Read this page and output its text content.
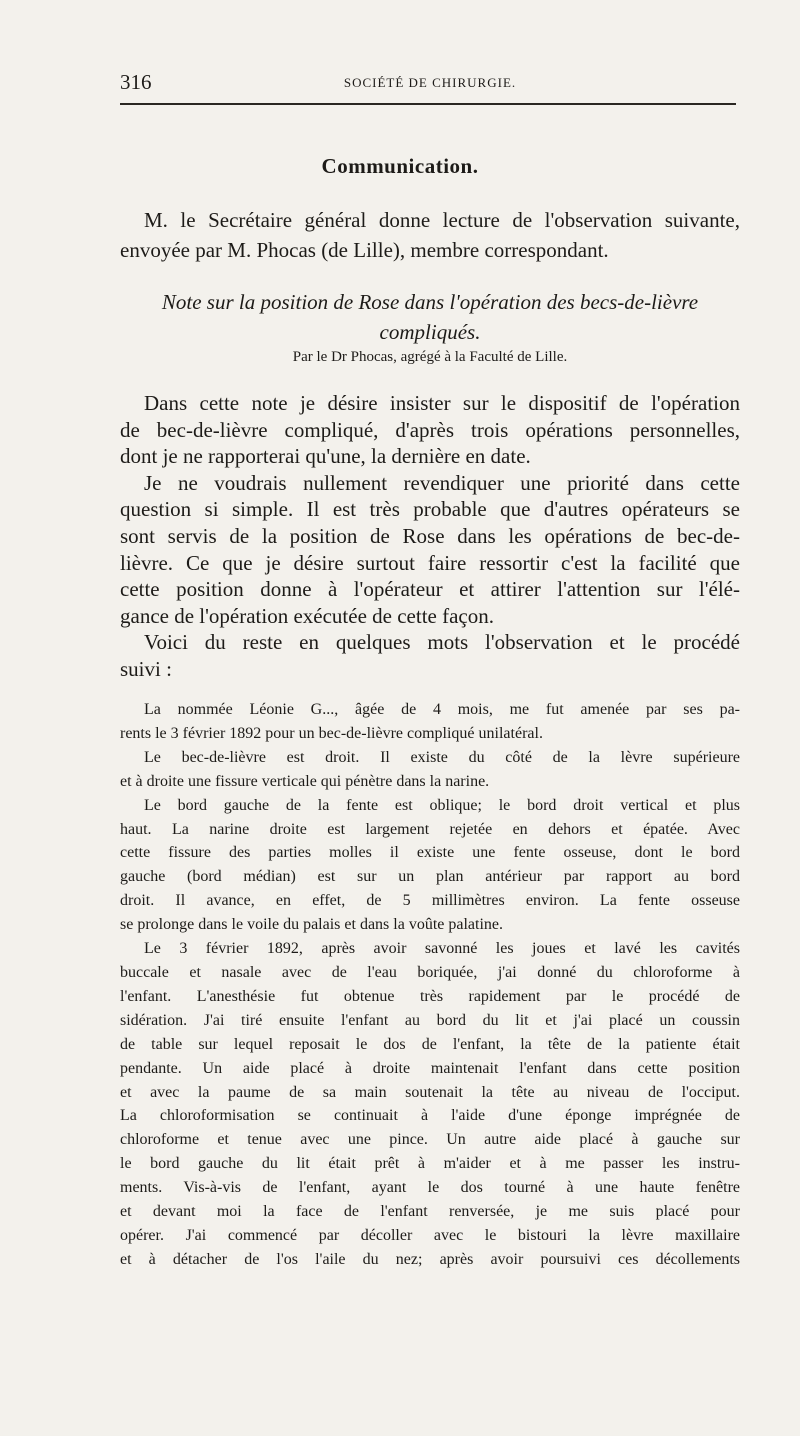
316	SOCIÉTÉ DE CHIRURGIE.
Communication.
M. le Secrétaire général donne lecture de l'observation suivante,
envoyée par M. Phocas (de Lille), membre correspondant.
Note sur la position de Rose dans l'opération des becs-de-lièvre
compliqués.
Par le Dr Phocas, agrégé à la Faculté de Lille.
Dans cette note je désire insister sur le dispositif de l'opération
de bec-de-lièvre compliqué, d'après trois opérations personnelles,
dont je ne rapporterai qu'une, la dernière en date.
Je ne voudrais nullement revendiquer une priorité dans cette
question si simple. Il est très probable que d'autres opérateurs se
sont servis de la position de Rose dans les opérations de bec-de-
lièvre. Ce que je désire surtout faire ressortir c'est la facilité que
cette position donne à l'opérateur et attirer l'attention sur l'élé-
gance de l'opération exécutée de cette façon.
Voici du reste en quelques mots l'observation et le procédé
suivi :
La nommée Léonie G..., âgée de 4 mois, me fut amenée par ses pa-
rents le 3 février 1892 pour un bec-de-lièvre compliqué unilatéral.
Le bec-de-lièvre est droit. Il existe du côté de la lèvre supérieure
et à droite une fissure verticale qui pénètre dans la narine.
Le bord gauche de la fente est oblique; le bord droit vertical et plus
haut. La narine droite est largement rejetée en dehors et épatée. Avec
cette fissure des parties molles il existe une fente osseuse, dont le bord
gauche (bord médian) est sur un plan antérieur par rapport au bord
droit. Il avance, en effet, de 5 millimètres environ. La fente osseuse
se prolonge dans le voile du palais et dans la voûte palatine.
Le 3 février 1892, après avoir savonné les joues et lavé les cavités
buccale et nasale avec de l'eau boriquée, j'ai donné du chloroforme à
l'enfant. L'anesthésie fut obtenue très rapidement par le procédé de
sidération. J'ai tiré ensuite l'enfant au bord du lit et j'ai placé un coussin
de table sur lequel reposait le dos de l'enfant, la tête de la patiente était
pendante. Un aide placé à droite maintenait l'enfant dans cette position
et avec la paume de sa main soutenait la tête au niveau de l'occiput.
La chloroformisation se continuait à l'aide d'une éponge imprégnée de
chloroforme et tenue avec une pince. Un autre aide placé à gauche sur
le bord gauche du lit était prêt à m'aider et à me passer les instru-
ments. Vis-à-vis de l'enfant, ayant le dos tourné à une haute fenêtre
et devant moi la face de l'enfant renversée, je me suis placé pour
opérer. J'ai commencé par décoller avec le bistouri la lèvre maxillaire
et à détacher de l'os l'aile du nez; après avoir poursuivi ces décollements
